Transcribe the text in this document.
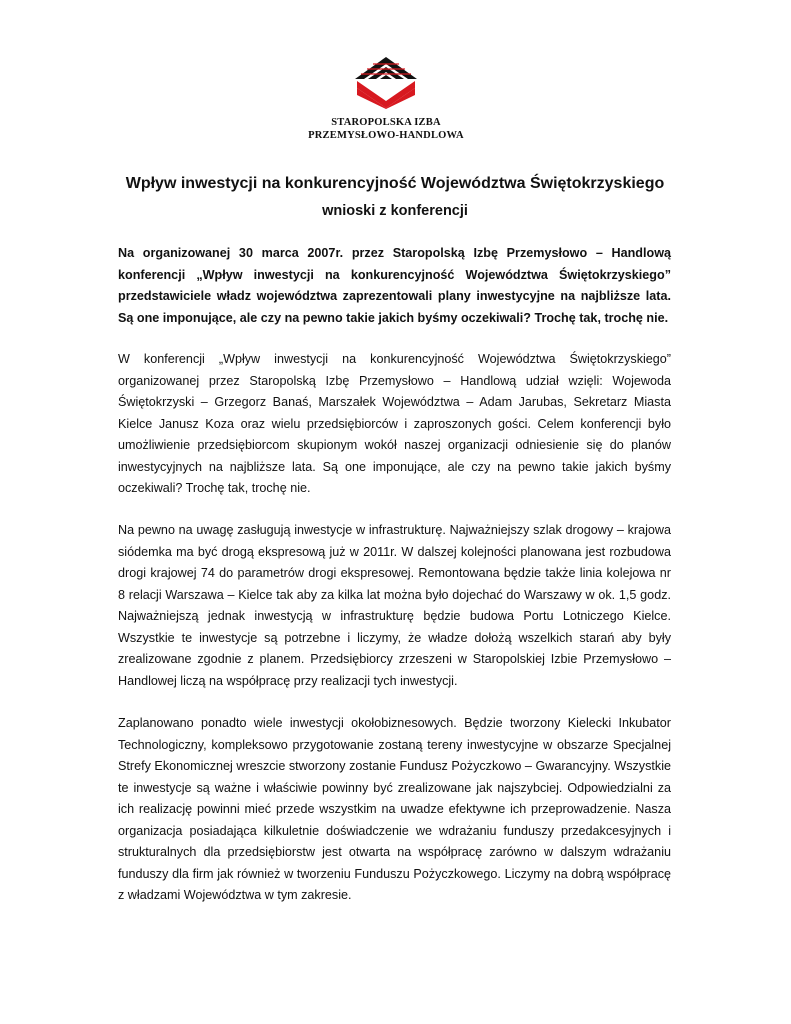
STAROPOLSKA IZBA
PRZEMYSŁOWO-HANDLOWA
Wpływ inwestycji na konkurencyjność Województwa Świętokrzyskiego
wnioski z konferencji

Na organizowanej 30 marca 2007r. przez Staropolską Izbę Przemysłowo – Handlową konferencji „Wpływ inwestycji na konkurencyjność Województwa Świętokrzyskiego” przedstawiciele władz województwa zaprezentowali plany inwestycyjne na najbliższe lata. Są one imponujące, ale czy na pewno takie jakich byśmy oczekiwali? Trochę tak, trochę nie.

W konferencji „Wpływ inwestycji na konkurencyjność Województwa Świętokrzyskiego” organizowanej przez Staropolską Izbę Przemysłowo – Handlową udział wzięli: Wojewoda Świętokrzyski – Grzegorz Banaś, Marszałek Województwa – Adam Jarubas, Sekretarz Miasta Kielce Janusz Koza oraz wielu przedsiębiorców i zaproszonych gości. Celem konferencji było umożliwienie przedsiębiorcom skupionym wokół naszej organizacji odniesienie się do planów inwestycyjnych na najbliższe lata. Są one imponujące, ale czy na pewno takie jakich byśmy oczekiwali? Trochę tak, trochę nie.

Na pewno na uwagę zasługują inwestycje w infrastrukturę. Najważniejszy szlak drogowy – krajowa siódemka ma być drogą ekspresową już w 2011r. W dalszej kolejności planowana jest rozbudowa drogi krajowej 74 do parametrów drogi ekspresowej. Remontowana będzie także linia kolejowa nr 8 relacji Warszawa – Kielce tak aby za kilka lat można było dojechać do Warszawy w ok. 1,5 godz. Najważniejszą jednak inwestycją w infrastrukturę będzie budowa Portu Lotniczego Kielce. Wszystkie te inwestycje są potrzebne i liczymy, że władze dołożą wszelkich starań aby były zrealizowane zgodnie z planem. Przedsiębiorcy zrzeszeni w Staropolskiej Izbie Przemysłowo – Handlowej liczą na współpracę przy realizacji tych inwestycji.

Zaplanowano ponadto wiele inwestycji okołobiznesowych. Będzie tworzony Kielecki Inkubator Technologiczny, kompleksowo przygotowanie zostaną tereny inwestycyjne w obszarze Specjalnej Strefy Ekonomicznej wreszcie stworzony zostanie Fundusz Pożyczkowo – Gwarancyjny. Wszystkie te inwestycje są ważne i właściwie powinny być zrealizowane jak najszybciej. Odpowiedzialni za ich realizację powinni mieć przede wszystkim na uwadze efektywne ich przeprowadzenie. Nasza organizacja posiadająca kilkuletnie doświadczenie we wdrażaniu funduszy przedakcesyjnych i strukturalnych dla przedsiębiorstw jest otwarta na współpracę zarówno w dalszym wdrażaniu funduszy dla firm jak również w tworzeniu Funduszu Pożyczkowego. Liczymy na dobrą współpracę z władzami Województwa w tym zakresie.
